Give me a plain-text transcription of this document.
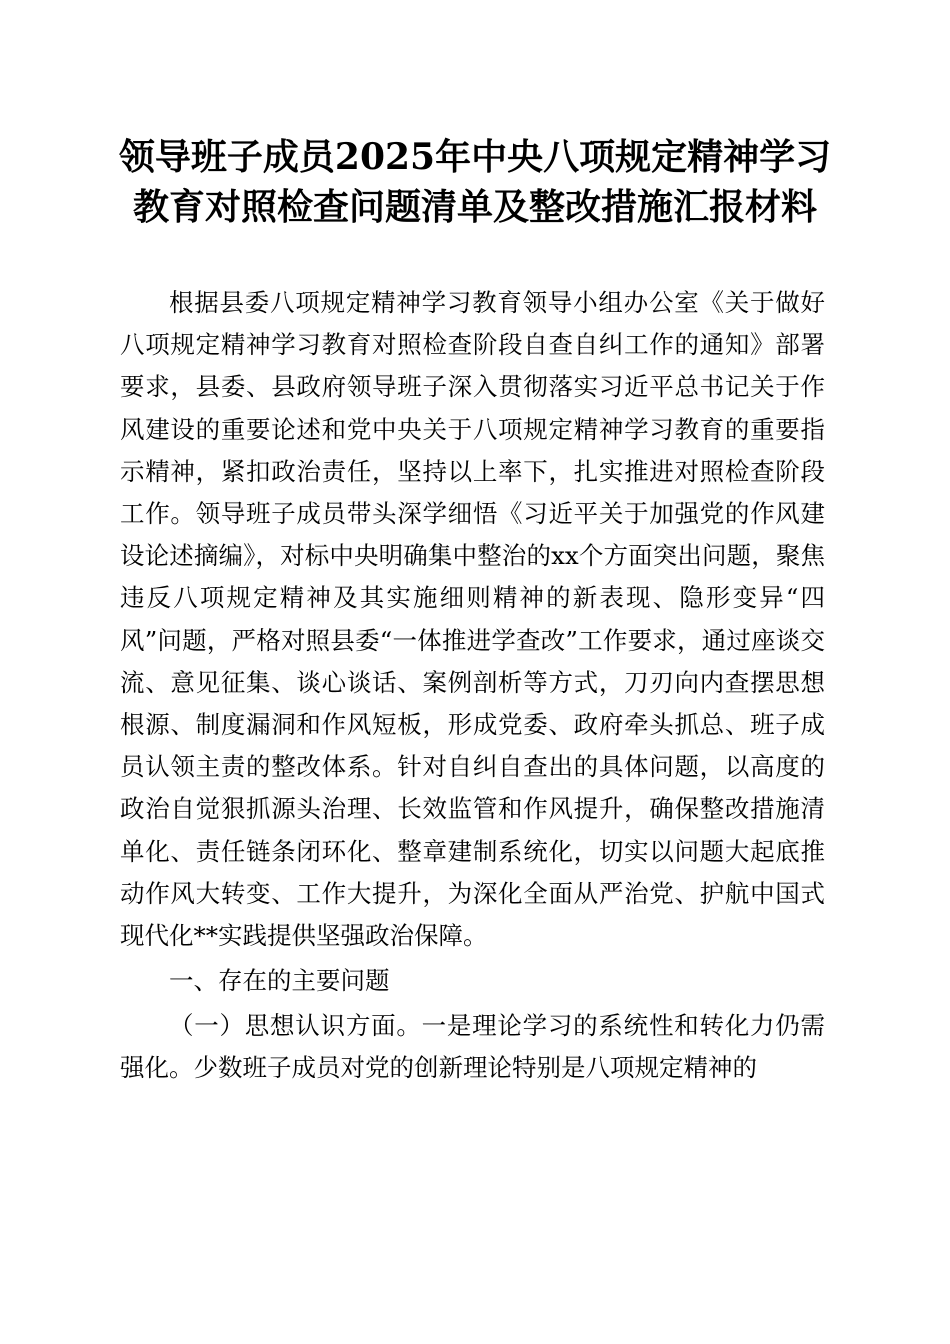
领导班子成员2025年中央八项规定精神学习
教育对照检查问题清单及整改措施汇报材料

根据县委八项规定精神学习教育领导小组办公室《关于做好八项规定精神学习教育对照检查阶段自查自纠工作的通知》部署要求，县委、县政府领导班子深入贯彻落实习近平总书记关于作风建设的重要论述和党中央关于八项规定精神学习教育的重要指示精神，紧扣政治责任，坚持以上率下，扎实推进对照检查阶段工作。领导班子成员带头深学细悟《习近平关于加强党的作风建设论述摘编》，对标中央明确集中整治的xx个方面突出问题，聚焦违反八项规定精神及其实施细则精神的新表现、隐形变异“四风”问题，严格对照县委“一体推进学查改”工作要求，通过座谈交流、意见征集、谈心谈话、案例剖析等方式，刀刃向内查摆思想根源、制度漏洞和作风短板，形成党委、政府牵头抓总、班子成员认领主责的整改体系。针对自纠自查出的具体问题，以高度的政治自觉狠抓源头治理、长效监管和作风提升，确保整改措施清单化、责任链条闭环化、整章建制系统化，切实以问题大起底推动作风大转变、工作大提升，为深化全面从严治党、护航中国式现代化**实践提供坚强政治保障。

一、存在的主要问题

（一）思想认识方面。一是理论学习的系统性和转化力仍需强化。少数班子成员对党的创新理论特别是八项规定精神的
